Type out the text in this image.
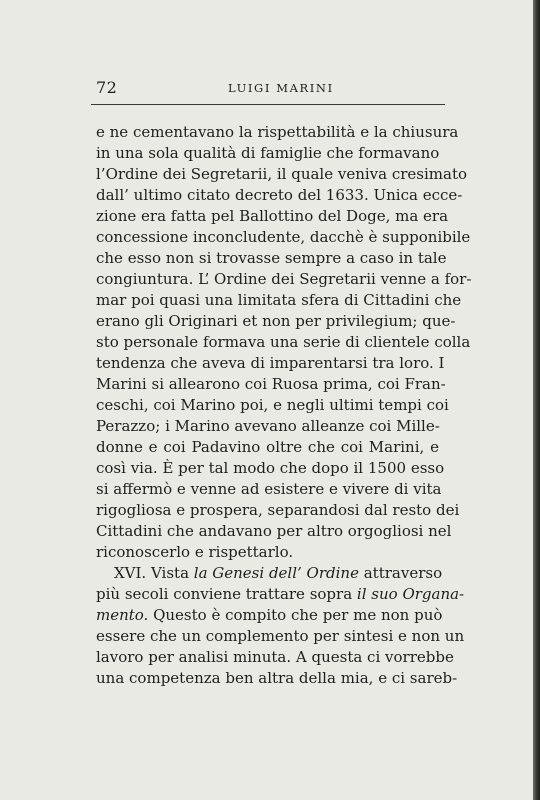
72	LUIGI MARINI
e ne cementavano la rispettabilità e la chiusura
in una sola qualità di famiglie che formavano
l’Ordine dei Segretarii, il quale veniva cresimato
dall’ ultimo citato decreto del 1633. Unica ecce-
zione era fatta pel Ballottino del Doge, ma era
concessione inconcludente, dacchè è supponibile
che esso non si trovasse sempre a caso in tale
congiuntura. L’ Ordine dei Segretarii venne a for-
mar poi quasi una limitata sfera di Cittadini che
erano gli Originari et non per privilegium; que-
sto personale formava una serie di clientele colla
tendenza che aveva di imparentarsi tra loro. I
Marini si allearono coi Ruosa prima, coi Fran-
ceschi, coi Marino poi, e negli ultimi tempi coi
Perazzo; i Marino avevano alleanze coi Mille-
donne e coi Padavino oltre che coi Marini, e
così via. È per tal modo che dopo il 1500 esso
si affermò e venne ad esistere e vivere di vita
rigogliosa e prospera, separandosi dal resto dei
Cittadini che andavano per altro orgogliosi nel
riconoscerlo e rispettarlo.
XVI. Vista la Genesi dell’ Ordine attraverso
più secoli conviene trattare sopra il suo Organa-
mento. Questo è compito che per me non può
essere che un complemento per sintesi e non un
lavoro per analisi minuta. A questa ci vorrebbe
una competenza ben altra della mia, e ci sareb-
